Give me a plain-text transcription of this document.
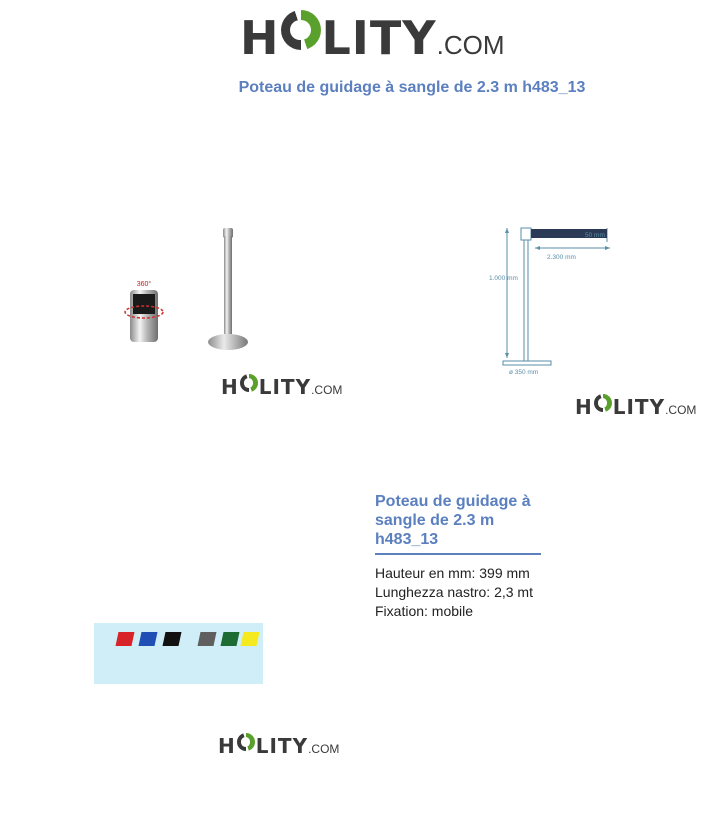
H LITY .COM
Poteau de guidage à sangle de 2.3 m h483_13
360°
H LITY .COM
50 mm
2.300 mm
1.000 mm
ø 350 mm
H LITY .COM
Poteau de guidage à sangle de 2.3 m h483_13
Hauteur en mm: 399 mm
Lunghezza nastro: 2,3 mt
Fixation: mobile
H LITY .COM
